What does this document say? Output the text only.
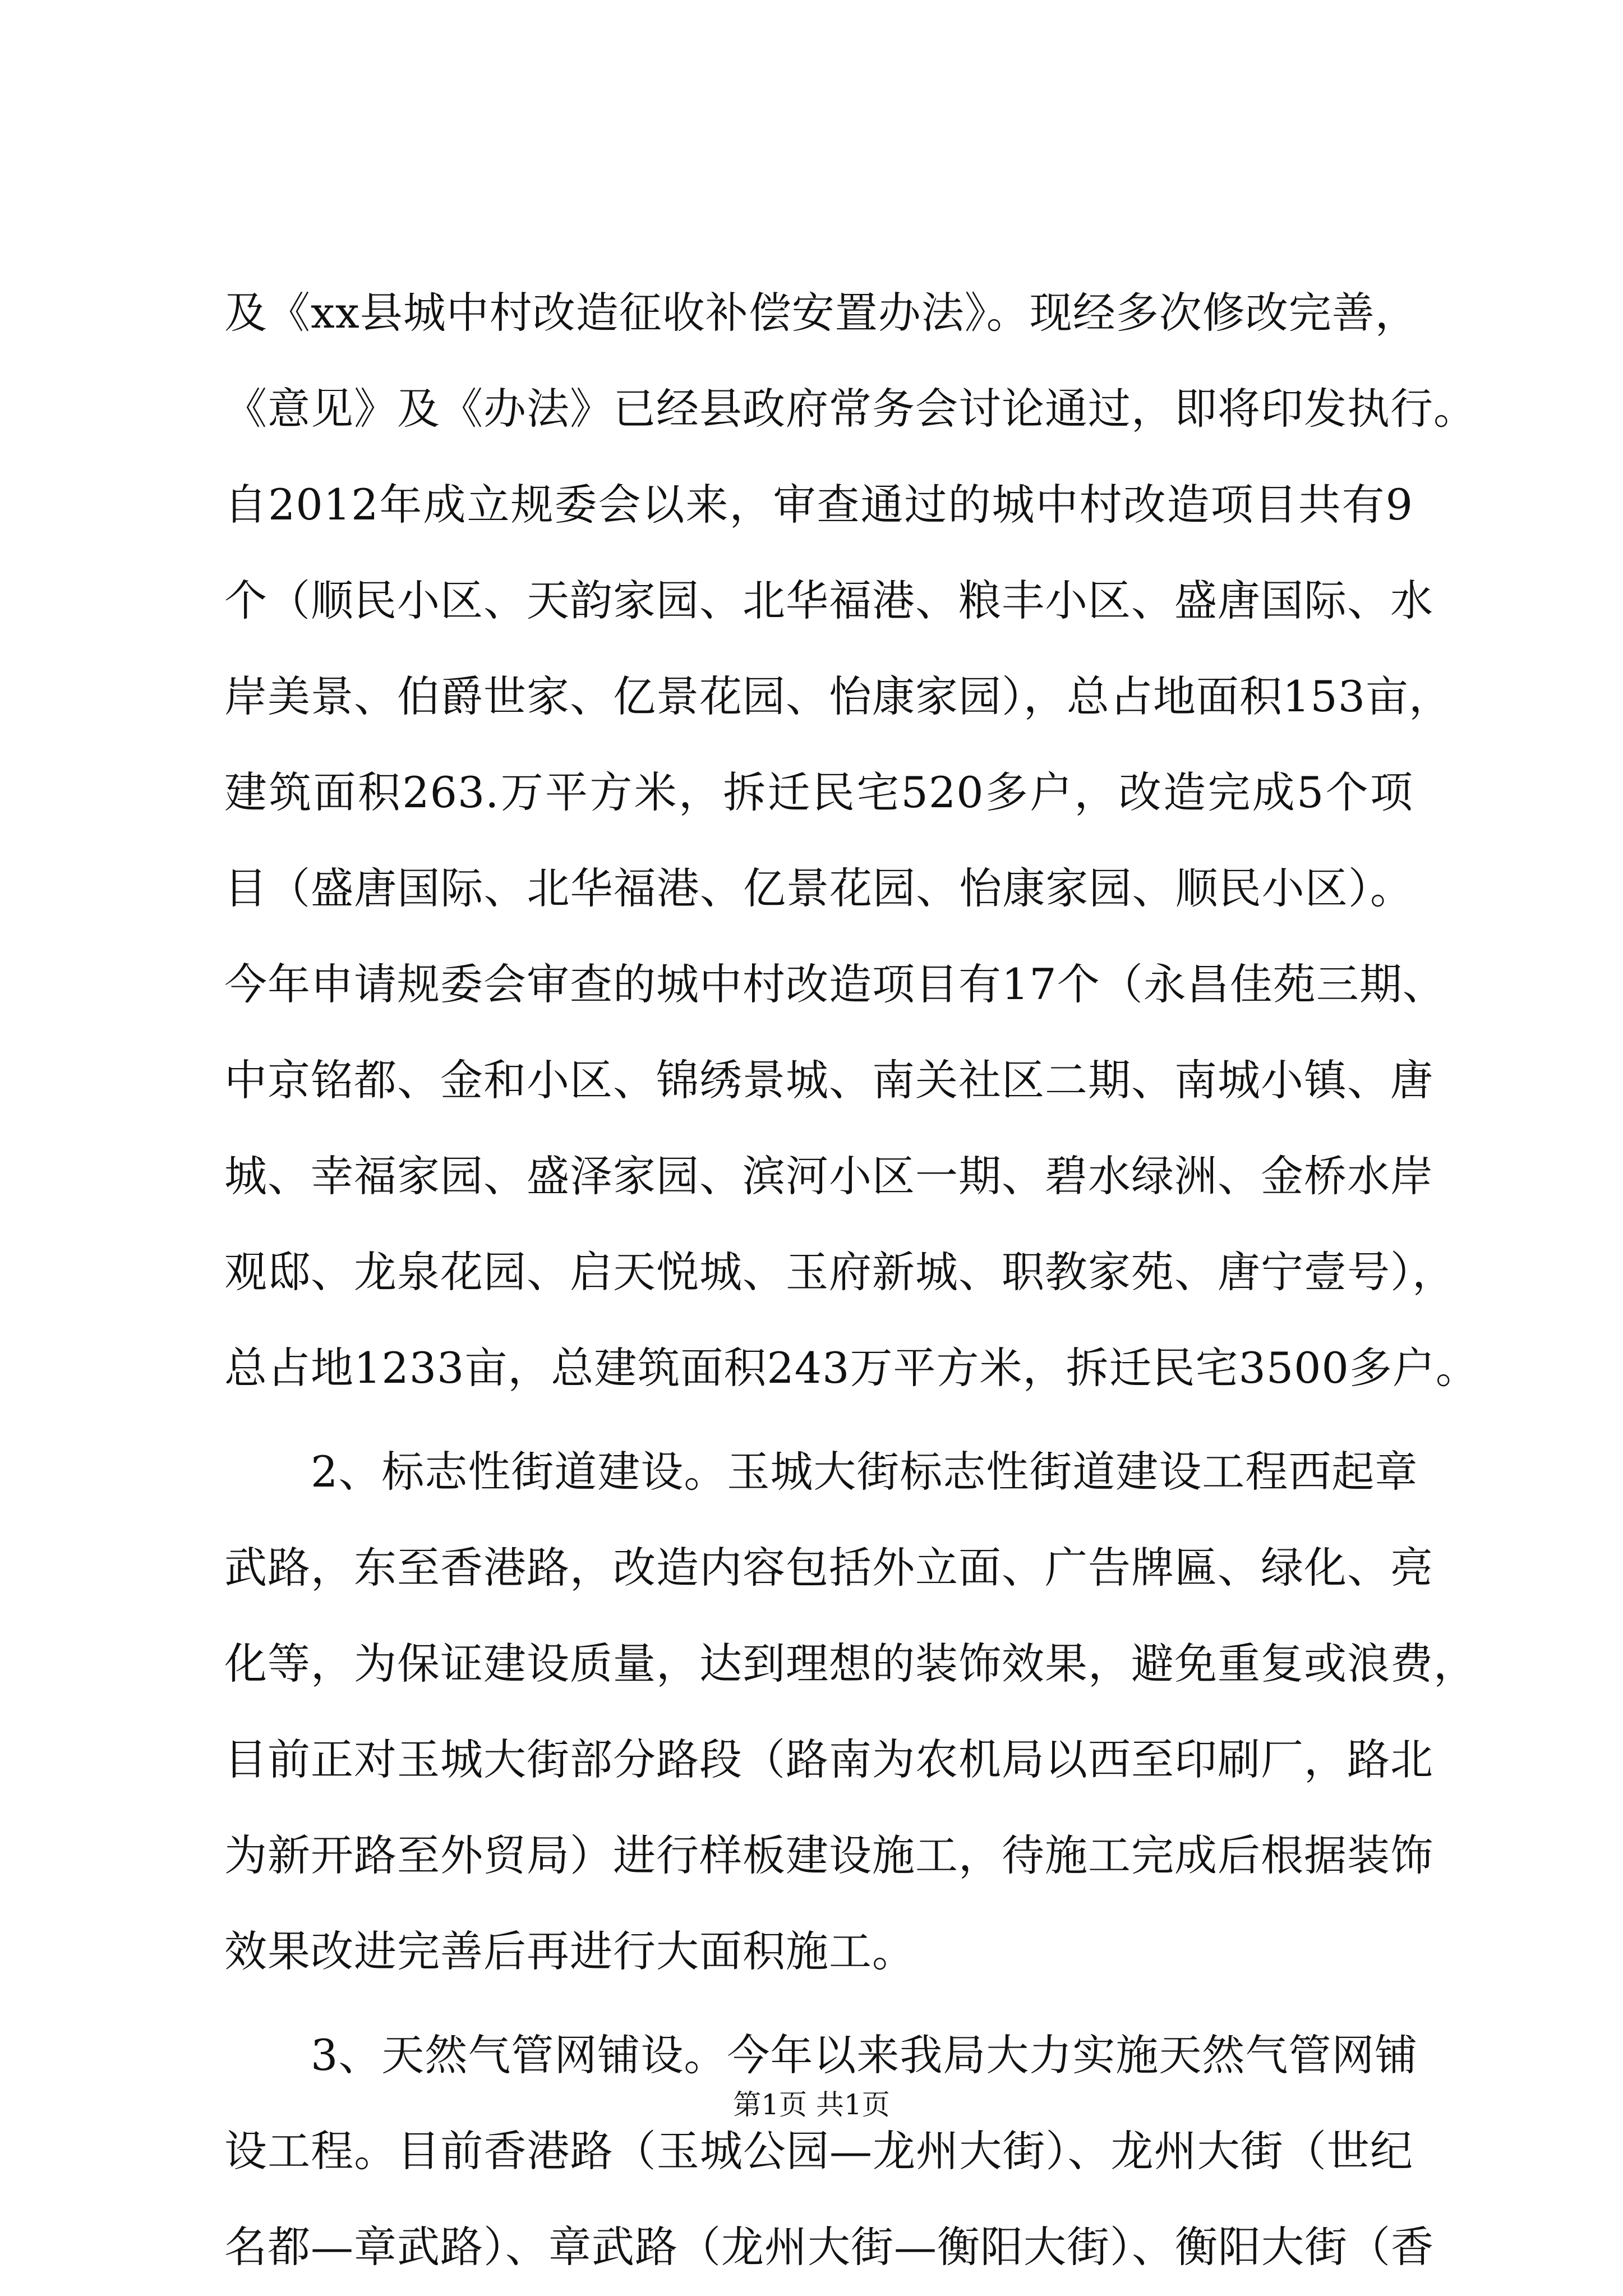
及《xx县城中村改造征收补偿安置办法》。现经多次修改完善，
《意见》及《办法》已经县政府常务会讨论通过，即将印发执行。
自2012年成立规委会以来，审查通过的城中村改造项目共有9
个（顺民小区、天韵家园、北华福港、粮丰小区、盛唐国际、水
岸美景、伯爵世家、亿景花园、怡康家园），总占地面积153亩，
建筑面积263.万平方米，拆迁民宅520多户，改造完成5个项
目（盛唐国际、北华福港、亿景花园、怡康家园、顺民小区）。
今年申请规委会审查的城中村改造项目有17个（永昌佳苑三期、
中京铭都、金和小区、锦绣景城、南关社区二期、南城小镇、唐
城、幸福家园、盛泽家园、滨河小区一期、碧水绿洲、金桥水岸
观邸、龙泉花园、启天悦城、玉府新城、职教家苑、唐宁壹号），
总占地1233亩，总建筑面积243万平方米，拆迁民宅3500多户。
　　2、标志性街道建设。玉城大街标志性街道建设工程西起章
武路，东至香港路，改造内容包括外立面、广告牌匾、绿化、亮
化等，为保证建设质量，达到理想的装饰效果，避免重复或浪费，
目前正对玉城大街部分路段（路南为农机局以西至印刷厂，路北
为新开路至外贸局）进行样板建设施工，待施工完成后根据装饰
效果改进完善后再进行大面积施工。
　　3、天然气管网铺设。今年以来我局大力实施天然气管网铺
设工程。目前香港路（玉城公园—龙州大街）、龙州大街（世纪
名都—章武路）、章武路（龙州大街—衡阳大街）、衡阳大街（香
第1页 共1页
